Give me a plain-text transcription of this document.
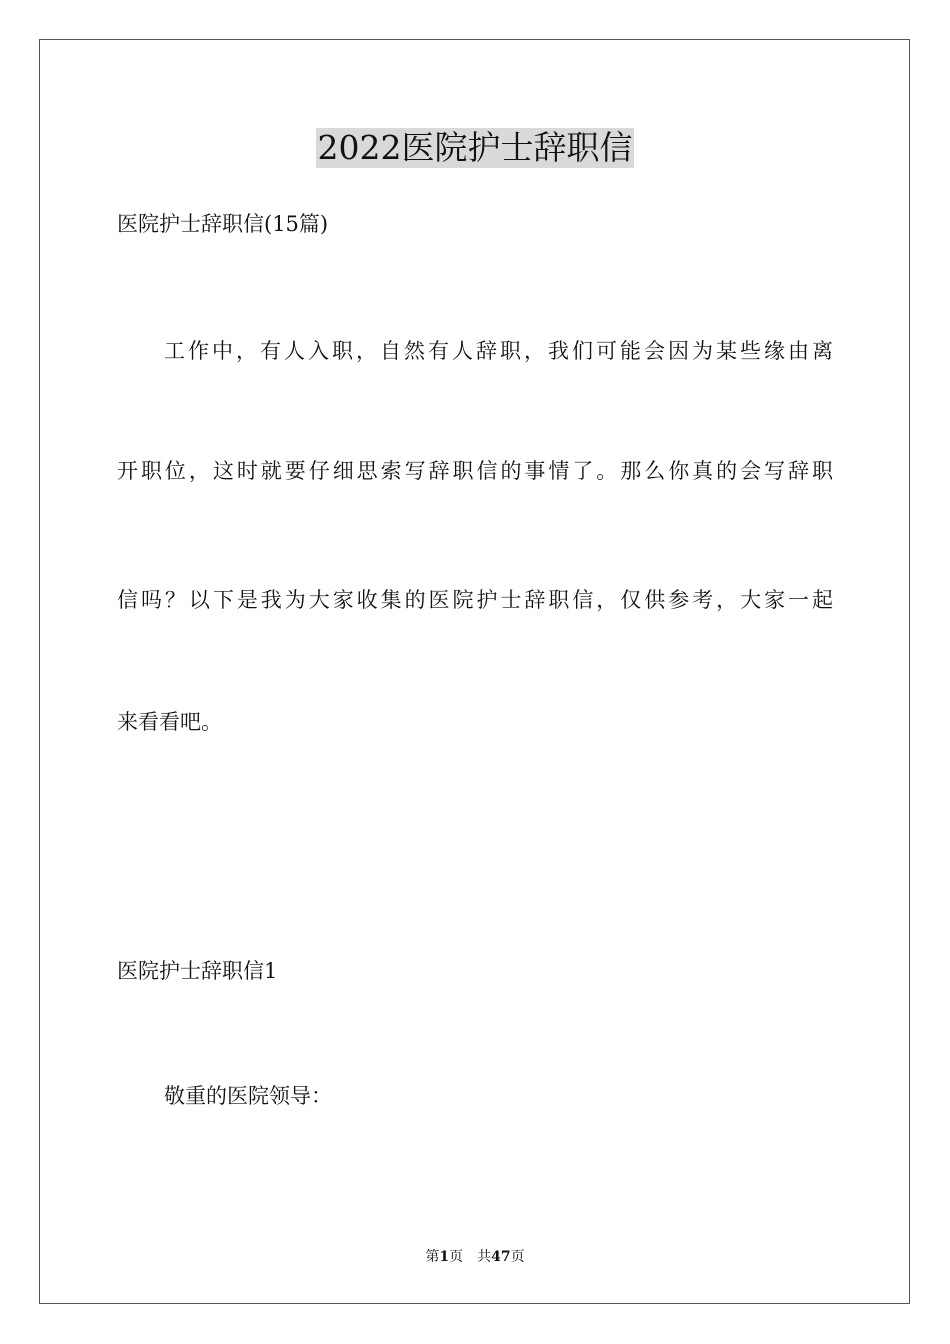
2022医院护士辞职信
医院护士辞职信(15篇)
工作中，有人入职，自然有人辞职，我们可能会因为某些缘由离
开职位，这时就要仔细思索写辞职信的事情了。那么你真的会写辞职
信吗？以下是我为大家收集的医院护士辞职信，仅供参考，大家一起
来看看吧。
医院护士辞职信1
敬重的医院领导：
第1页　共47页
